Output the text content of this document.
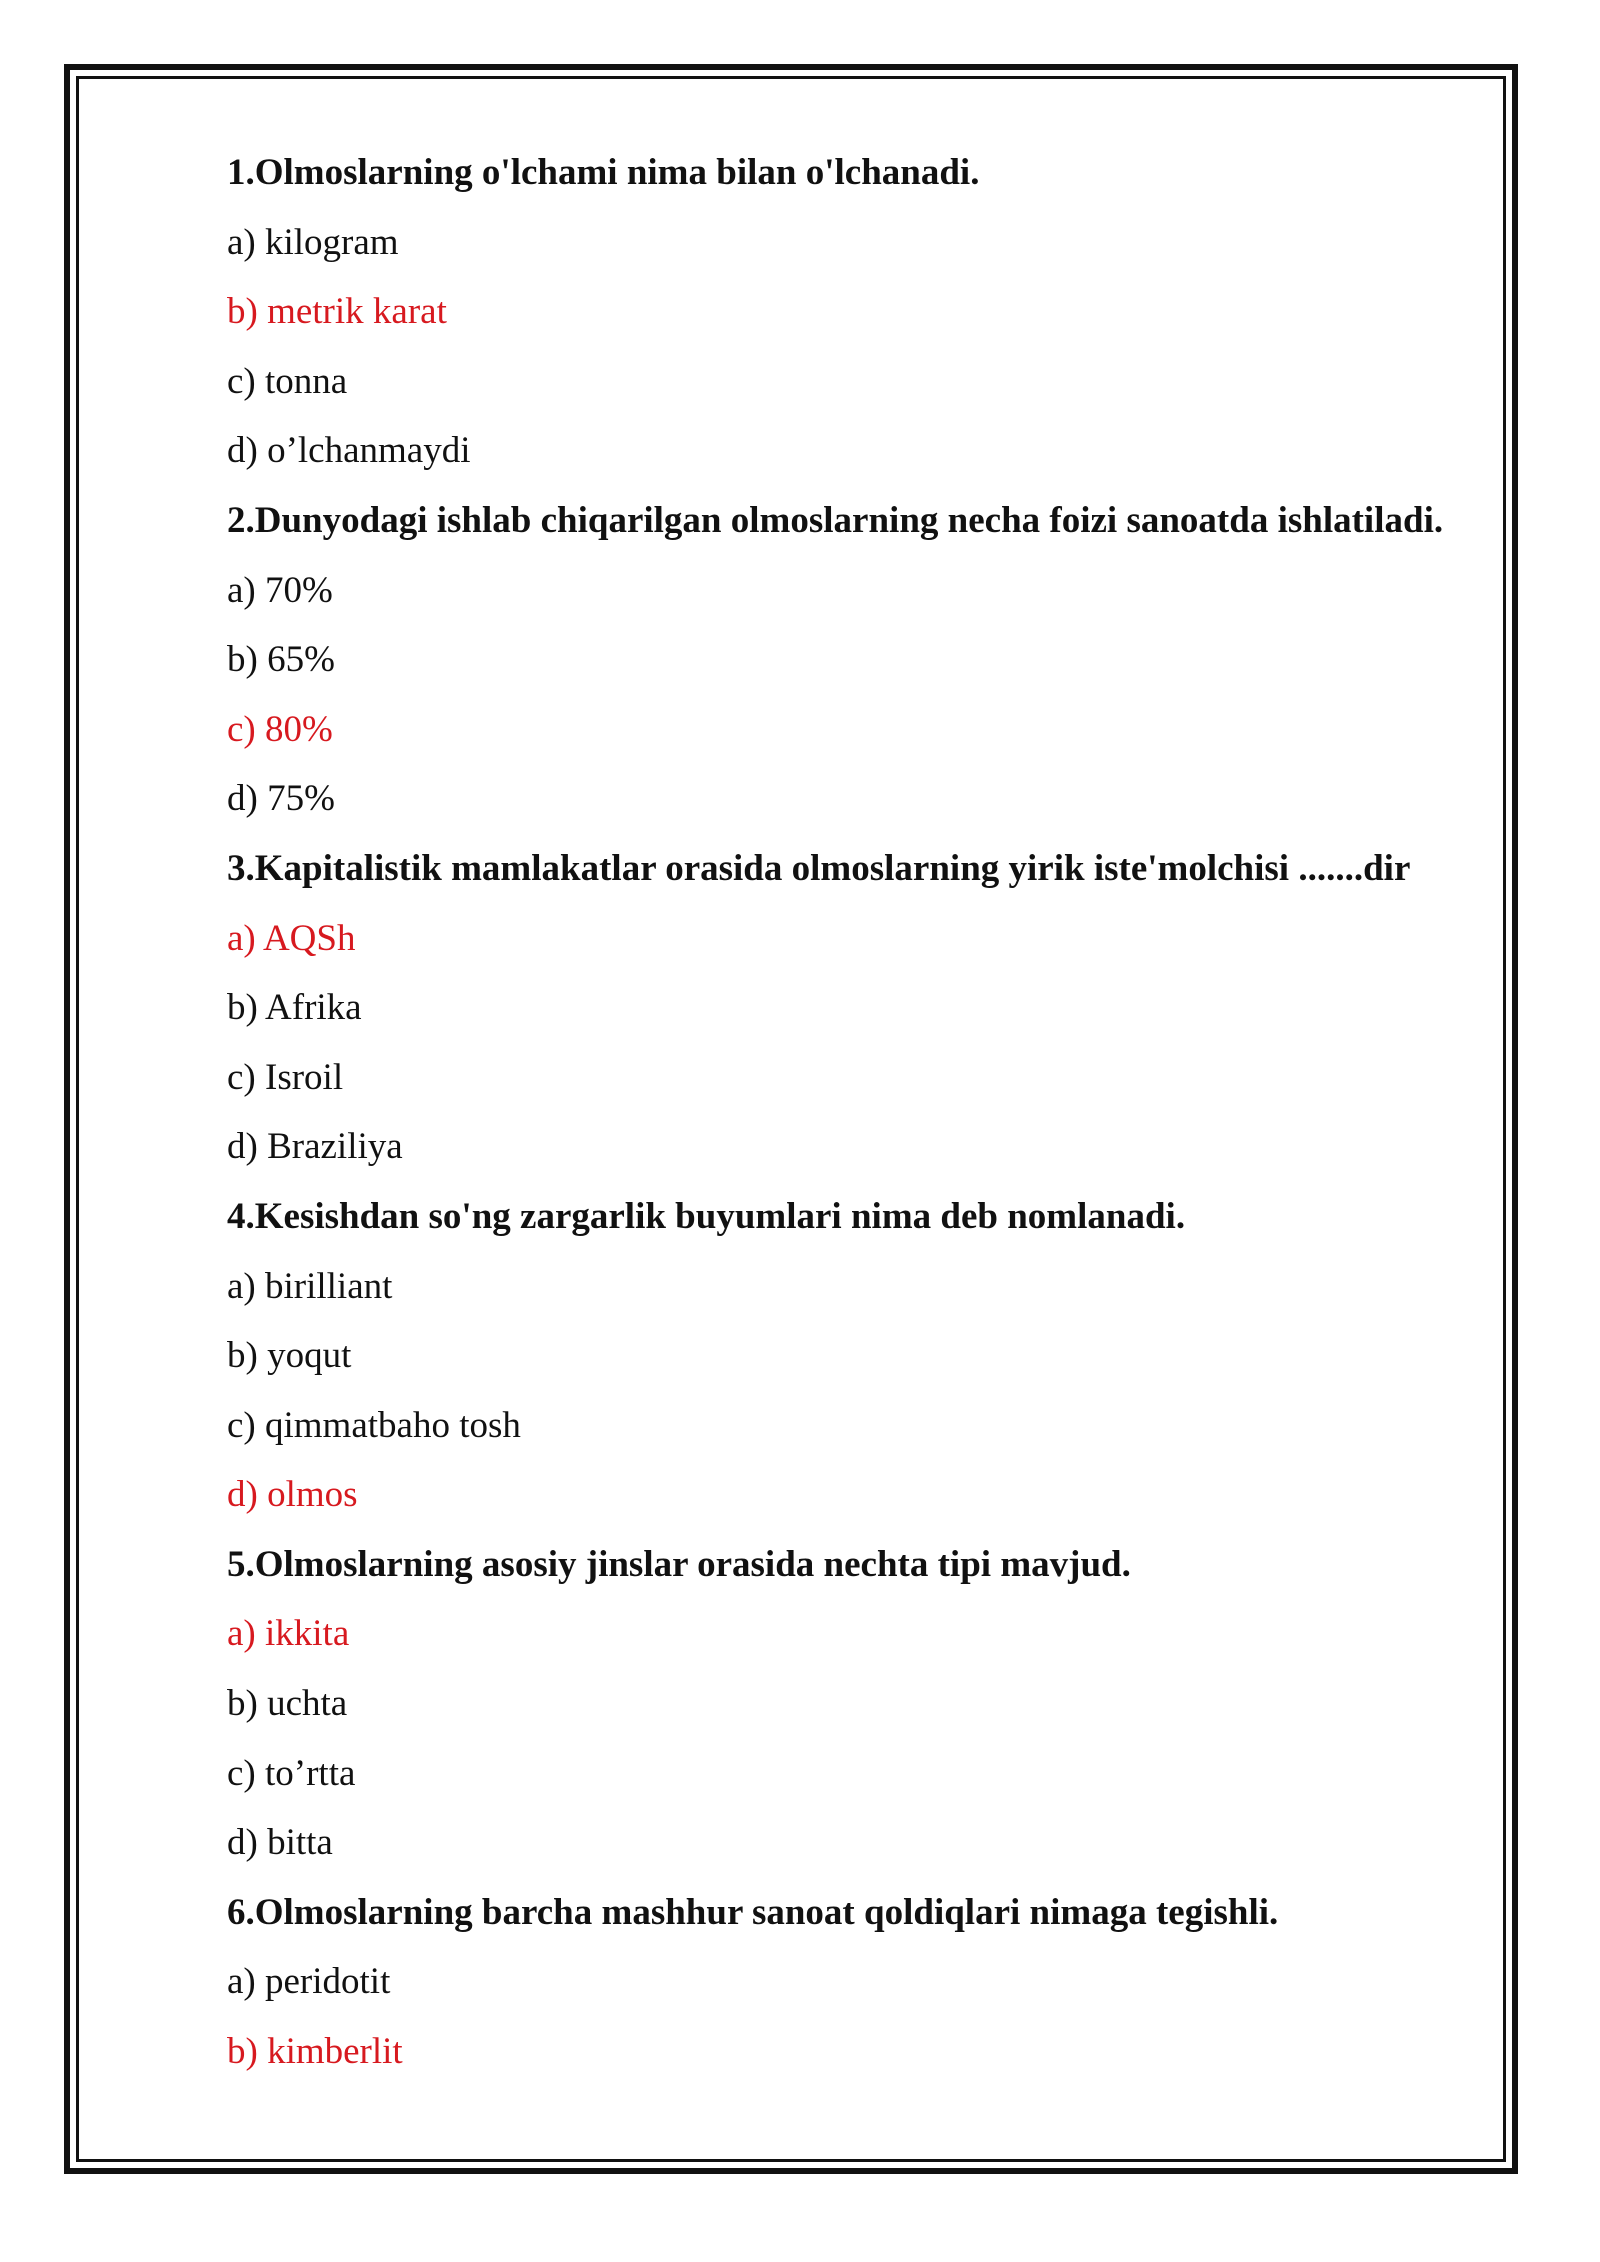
1.Olmoslarning o'lchami nima bilan o'lchanadi.
a) kilogram
b) metrik karat
c) tonna
d) o’lchanmaydi
2.Dunyodagi ishlab chiqarilgan olmoslarning necha foizi sanoatda ishlatiladi.
a) 70%
b) 65%
c) 80%
d) 75%
3.Kapitalistik mamlakatlar orasida olmoslarning yirik iste'molchisi .......dir
a) AQSh
b) Afrika
c) Isroil
d) Braziliya
4.Kesishdan so'ng zargarlik buyumlari nima deb nomlanadi.
a) birilliant
b) yoqut
c) qimmatbaho tosh
d) olmos
5.Olmoslarning asosiy jinslar orasida nechta tipi mavjud.
a) ikkita
b) uchta
c) to’rtta
d) bitta
6.Olmoslarning barcha mashhur sanoat qoldiqlari nimaga tegishli.
a) peridotit
b) kimberlit
